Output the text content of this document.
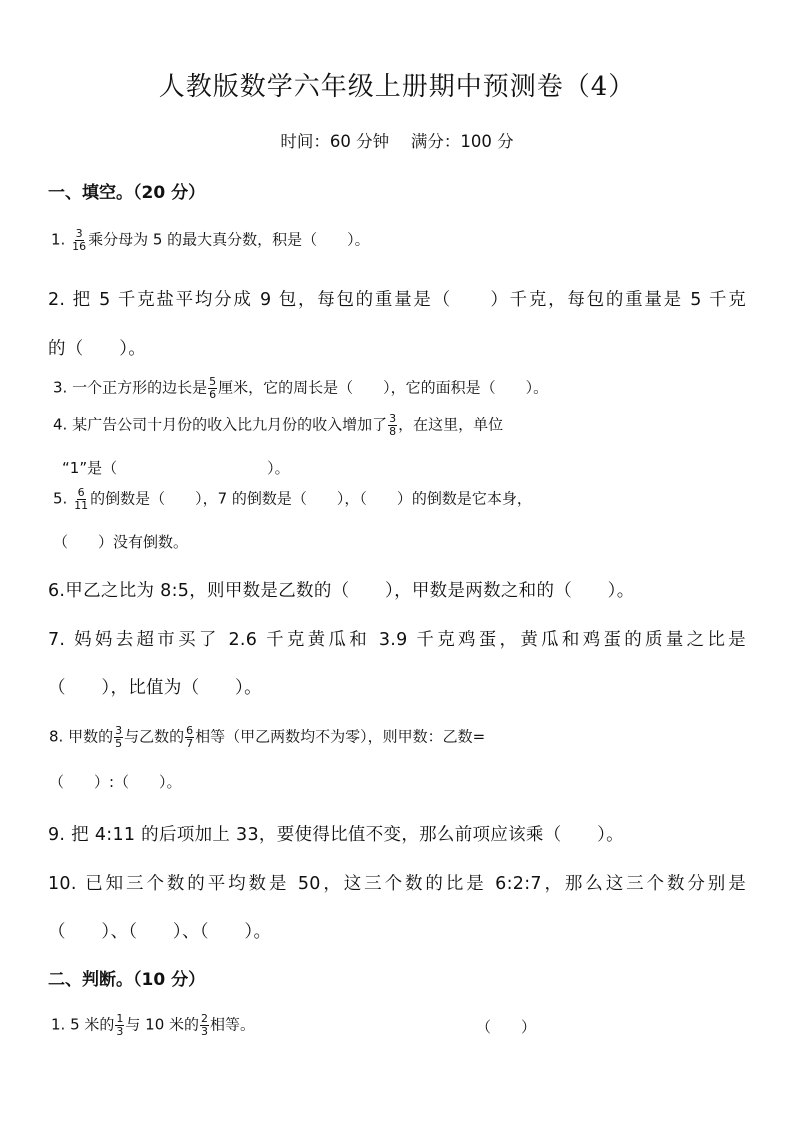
人教版数学六年级上册期中预测卷（4）
时间：60 分钟　 满分：100 分
一、填空。（20 分）
1. $\frac{3}{16}$ 乘分母为 5 的最大真分数，积是（　　）。
2. 把 5 千克盐平均分成 9 包，每包的重量是（　　）千克，每包的重量是 5 千克
的（　　）。
3. 一个正方形的边长是 $\frac{5}{6}$ 厘米，它的周长是（　　），它的面积是（　　）。
4. 某广告公司十月份的收入比九月份的收入增加了 $\frac{3}{8}$ ，在这里，单位
“1”是（　　　　　　　　　　）。
5. $\frac{6}{11}$ 的倒数是（　　），7 的倒数是（　　），（　　）的倒数是它本身，
（　　）没有倒数。
6.甲乙之比为 8:5，则甲数是乙数的（　　），甲数是两数之和的（　　）。
7. 妈妈去超市买了 2.6 千克黄瓜和 3.9 千克鸡蛋，黄瓜和鸡蛋的质量之比是
（　　），比值为（　　）。
8. 甲数的 $\frac{3}{5}$ 与乙数的 $\frac{6}{7}$ 相等（甲乙两数均不为零），则甲数：乙数=
（　　）:（　　）。
9. 把 4:11 的后项加上 33，要使得比值不变，那么前项应该乘（　　）。
10. 已知三个数的平均数是 50，这三个数的比是 6:2:7，那么这三个数分别是
（　　）、（　　）、（　　）。
二、判断。（10 分）
1. 5 米的 $\frac{1}{3}$ 与 10 米的 $\frac{2}{3}$ 相等。	（　　）
